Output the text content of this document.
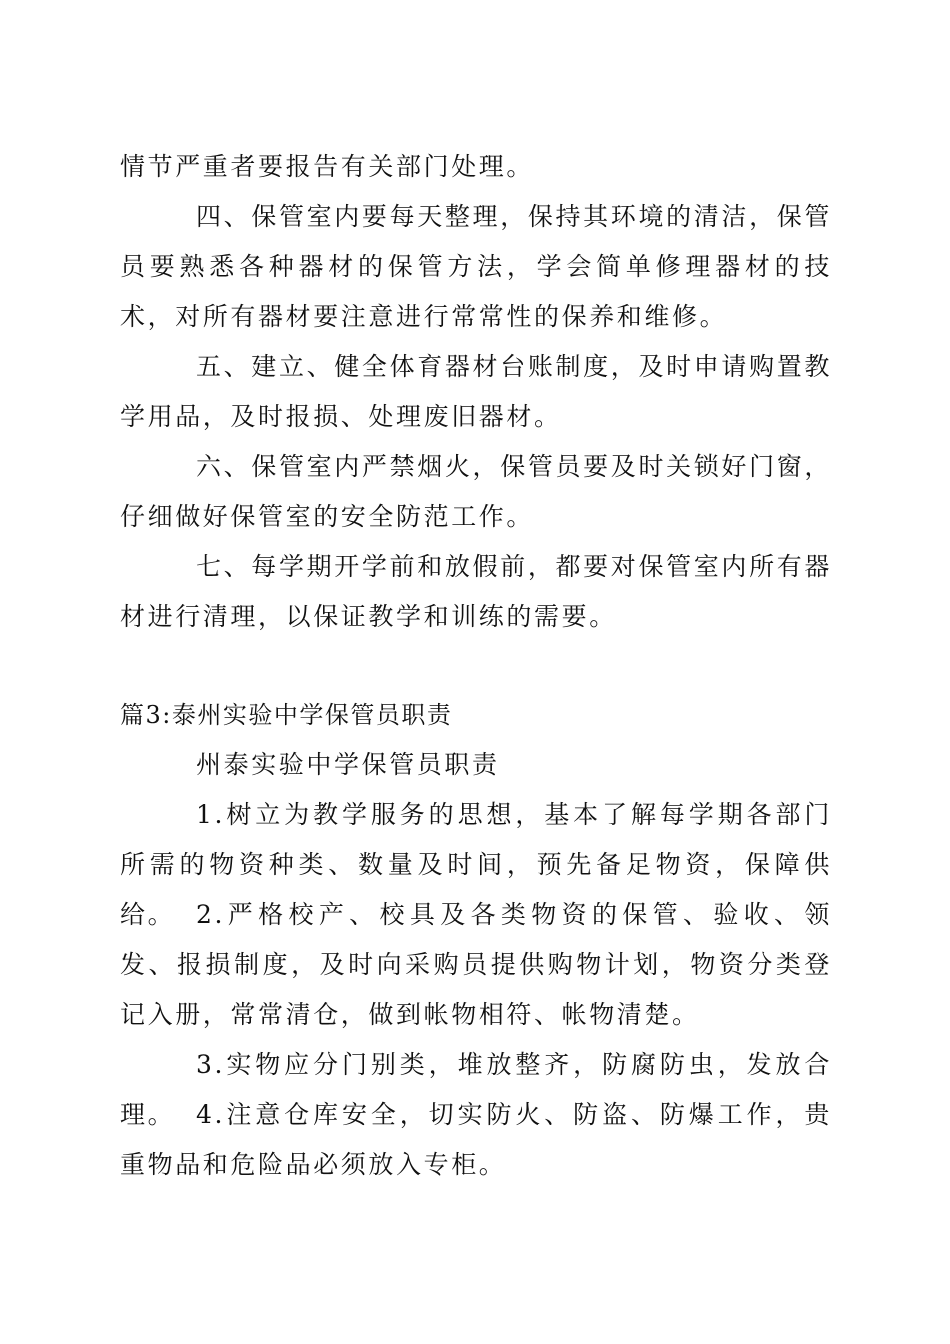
情节严重者要报告有关部门处理。

四、保管室内要每天整理，保持其环境的清洁，保管员要熟悉各种器材的保管方法，学会简单修理器材的技术，对所有器材要注意进行常常性的保养和维修。

五、建立、健全体育器材台账制度，及时申请购置教学用品，及时报损、处理废旧器材。

六、保管室内严禁烟火，保管员要及时关锁好门窗，仔细做好保管室的安全防范工作。

七、每学期开学前和放假前，都要对保管室内所有器材进行清理，以保证教学和训练的需要。

篇3:泰州实验中学保管员职责

州泰实验中学保管员职责

1.树立为教学服务的思想，基本了解每学期各部门所需的物资种类、数量及时间，预先备足物资，保障供给。 2.严格校产、校具及各类物资的保管、验收、领发、报损制度，及时向采购员提供购物计划，物资分类登记入册，常常清仓，做到帐物相符、帐物清楚。

3.实物应分门别类，堆放整齐，防腐防虫，发放合理。 4.注意仓库安全，切实防火、防盗、防爆工作，贵重物品和危险品必须放入专柜。
